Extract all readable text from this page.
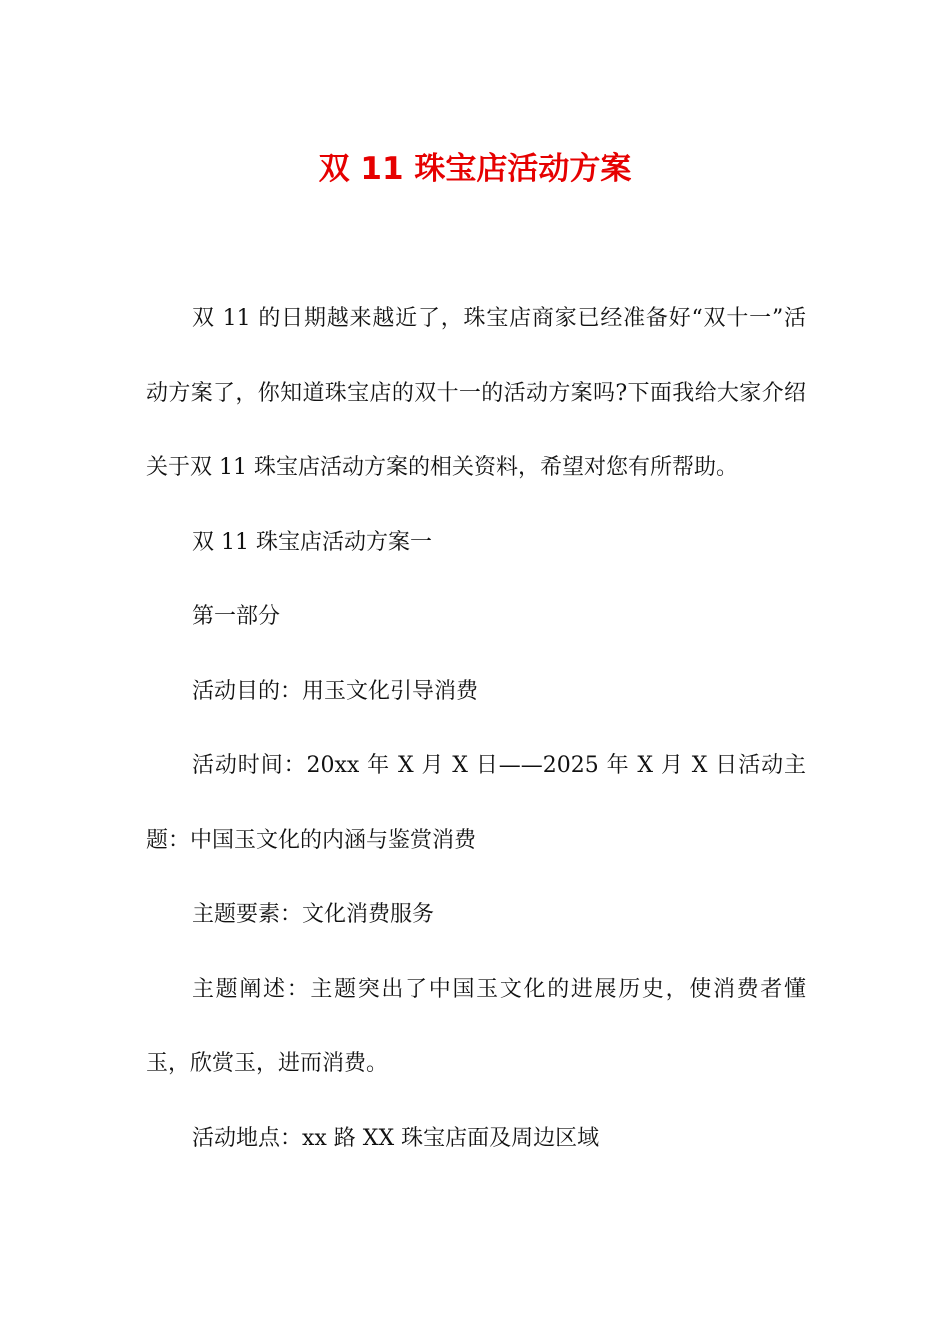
双 11 珠宝店活动方案

双 11 的日期越来越近了，珠宝店商家已经准备好“双十一”活动方案了，你知道珠宝店的双十一的活动方案吗?下面我给大家介绍关于双 11 珠宝店活动方案的相关资料，希望对您有所帮助。

双 11 珠宝店活动方案一

第一部分

活动目的：用玉文化引导消费

活动时间：20xx 年 X 月 X 日——2025 年 X 月 X 日活动主题：中国玉文化的内涵与鉴赏消费

主题要素：文化消费服务

主题阐述：主题突出了中国玉文化的进展历史，使消费者懂玉，欣赏玉，进而消费。

活动地点：xx 路 XX 珠宝店面及周边区域
